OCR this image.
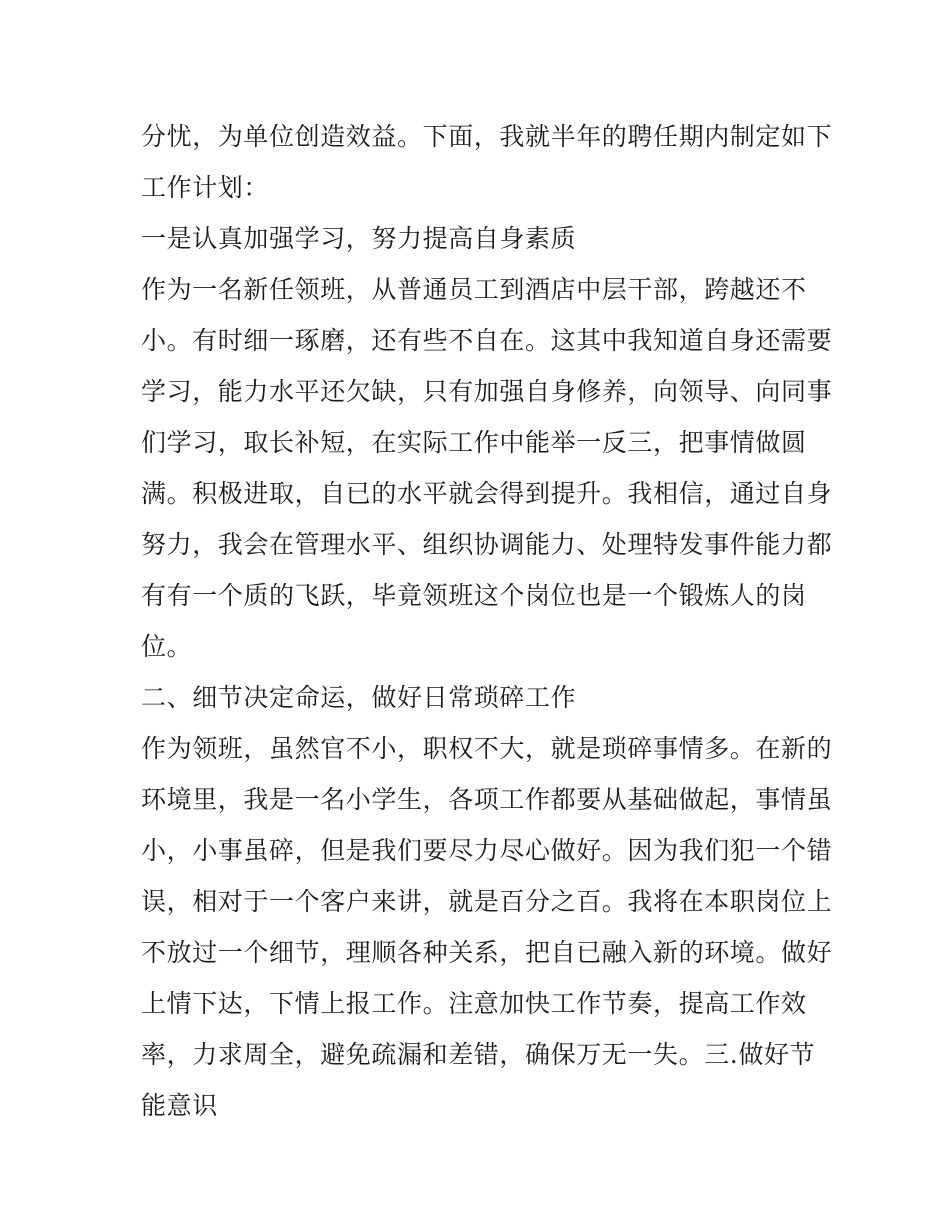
分忧，为单位创造效益。下面，我就半年的聘任期内制定如下
工作计划：
一是认真加强学习，努力提高自身素质
作为一名新任领班，从普通员工到酒店中层干部，跨越还不
小。有时细一琢磨，还有些不自在。这其中我知道自身还需要
学习，能力水平还欠缺，只有加强自身修养，向领导、向同事
们学习，取长补短，在实际工作中能举一反三，把事情做圆
满。积极进取，自已的水平就会得到提升。我相信，通过自身
努力，我会在管理水平、组织协调能力、处理特发事件能力都
有有一个质的飞跃，毕竟领班这个岗位也是一个锻炼人的岗
位。
二、细节决定命运，做好日常琐碎工作
作为领班，虽然官不小，职权不大，就是琐碎事情多。在新的
环境里，我是一名小学生，各项工作都要从基础做起，事情虽
小，小事虽碎，但是我们要尽力尽心做好。因为我们犯一个错
误，相对于一个客户来讲，就是百分之百。我将在本职岗位上
不放过一个细节，理顺各种关系，把自已融入新的环境。做好
上情下达，下情上报工作。注意加快工作节奏，提高工作效
率，力求周全，避免疏漏和差错，确保万无一失。三.做好节
能意识
